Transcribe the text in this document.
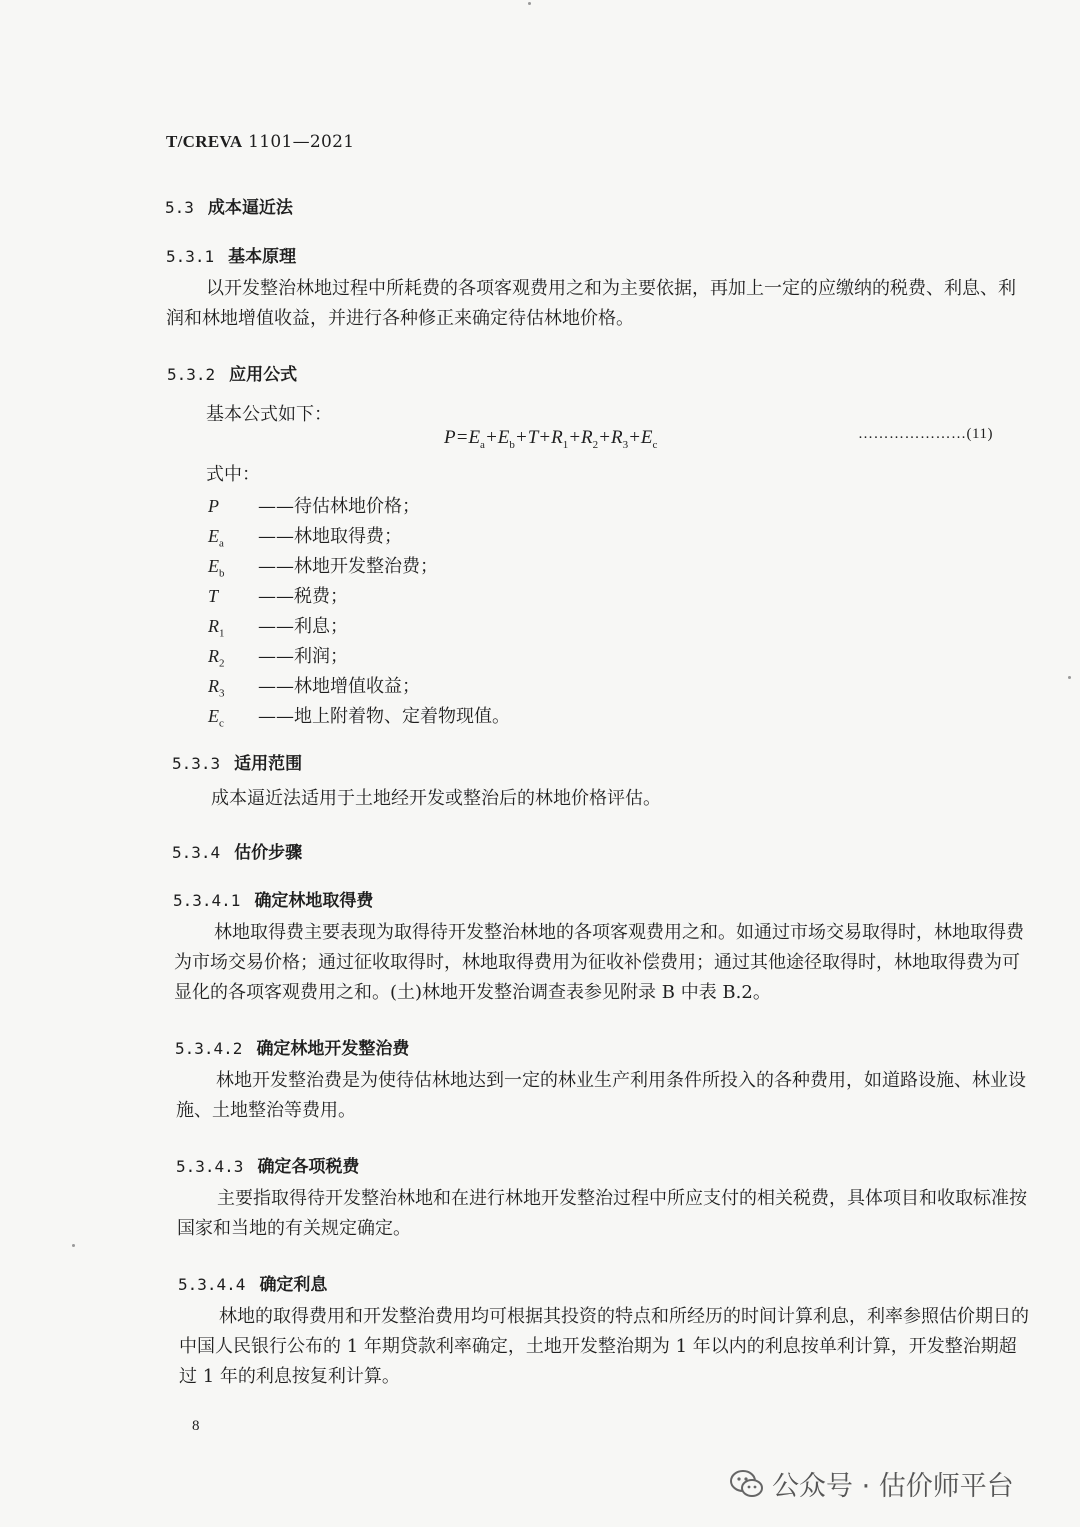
T/CREVA 1101—2021
5.3 成本逼近法
5.3.1 基本原理
以开发整治林地过程中所耗费的各项客观费用之和为主要依据，再加上一定的应缴纳的税费、利息、利润和林地增值收益，并进行各种修正来确定待估林地价格。
5.3.2 应用公式
基本公式如下：
$P=E_a+E_b+T+R_1+R_2+R_3+E_c$
…………………(11)
式中：
P ——待估林地价格；
$E_a$ ——林地取得费；
$E_b$ ——林地开发整治费；
T ——税费；
$R_1$ ——利息；
$R_2$ ——利润；
$R_3$ ——林地增值收益；
$E_c$ ——地上附着物、定着物现值。
5.3.3 适用范围
成本逼近法适用于土地经开发或整治后的林地价格评估。
5.3.4 估价步骤
5.3.4.1 确定林地取得费
林地取得费主要表现为取得待开发整治林地的各项客观费用之和。如通过市场交易取得时，林地取得费为市场交易价格；通过征收取得时，林地取得费用为征收补偿费用；通过其他途径取得时，林地取得费为可显化的各项客观费用之和。(土)林地开发整治调查表参见附录 B 中表 B.2。
5.3.4.2 确定林地开发整治费
林地开发整治费是为使待估林地达到一定的林业生产利用条件所投入的各种费用，如道路设施、林业设施、土地整治等费用。
5.3.4.3 确定各项税费
主要指取得待开发整治林地和在进行林地开发整治过程中所应支付的相关税费，具体项目和收取标准按国家和当地的有关规定确定。
5.3.4.4 确定利息
林地的取得费用和开发整治费用均可根据其投资的特点和所经历的时间计算利息，利率参照估价期日的中国人民银行公布的 1 年期贷款利率确定，土地开发整治期为 1 年以内的利息按单利计算，开发整治期超过 1 年的利息按复利计算。
8
公众号 · 估价师平台
